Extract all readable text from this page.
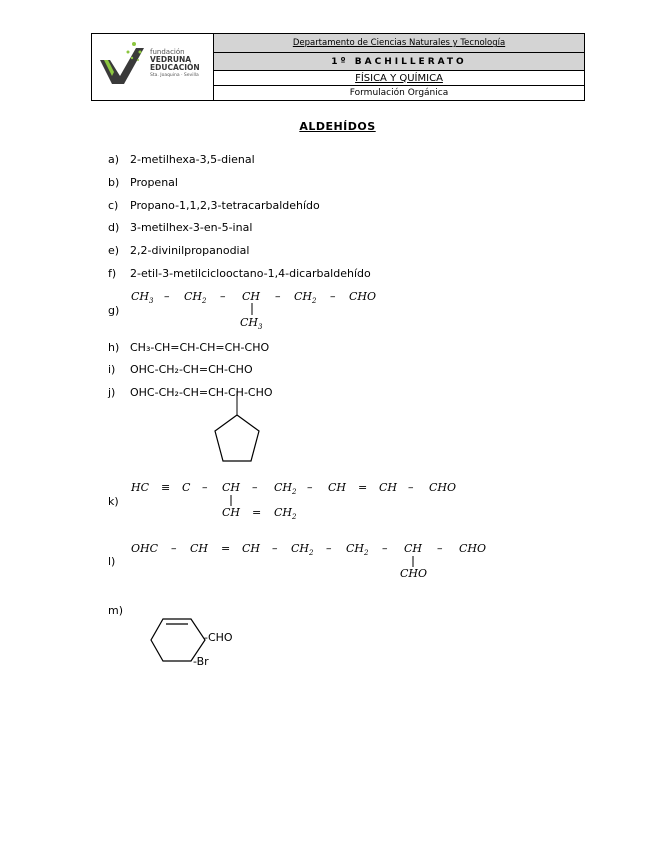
fundación
VEDRUNA
EDUCACIÓN
Sta. Joaquina · Sevilla
Departamento de Ciencias Naturales y Tecnología
1º BACHILLERATO
FÍSICA Y QUÍMICA
Formulación Orgánica
ALDEHÍDOS
a) 2-metilhexa-3,5-dienal
b) Propenal
c) Propano-1,1,2,3-tetracarbaldehído
d) 3-metilhex-3-en-5-inal
e) 2,2-divinilpropanodial
f) 2-etil-3-metilciclooctano-1,4-dicarbaldehído
g)
$CH_3 - CH_2$ – CH – $CH_2$ – CHO
$CH_3$
h) CH₃-CH=CH-CH=CH-CHO
i) OHC-CH₂-CH=CH-CHO
j) OHC-CH₂-CH=CH-CH-CHO
k)
HC ≡ C – CH – $CH_2$ – CH = CH – CHO
CH = $CH_2$
l)
OHC – CH = CH – $CH_2 - CH_2$ – CH – CHO
CHO
m)
-CHO
-Br
